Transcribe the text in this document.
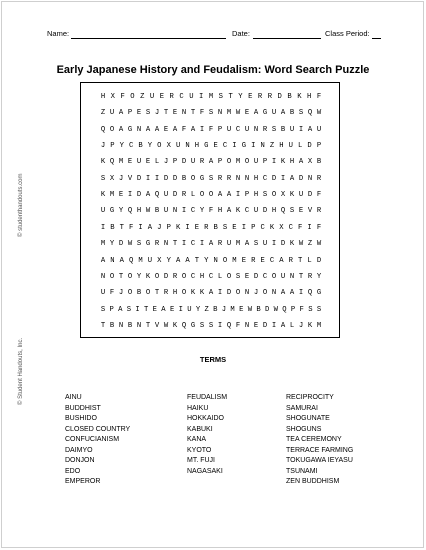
© studenthandouts.com
© Student Handouts, Inc.
Name:	Date:	Class Period:
Early Japanese History and Feudalism: Word Search Puzzle
H X F O Z U E R C U I M S T Y E R R D B K H F
Z U A P E S J T E N T F S N M W E A G U A B S Q W
Q O A G N A A E A F A I F P U C U N R S B U I A U
J P Y C B Y O X U N H G E C I G I N Z H U L D P
K Q M E U E L J P D U R A P O M O U P I K H A X B
S X J V D I I D D B O G S R R N N H C D I A D N R
K M E I D A Q U D R L O O A A I P H S O X K U D F
U G Y Q H W B U N I C Y F H A K C U D H Q S E V R
I B T F I A J P K I E R B S E I P C K X C F I F
M Y D W S G R N T I C I A R U M A S U I D K W Z W
A N A Q M U X Y A A T Y N O M E R E C A R T L D
N O T O Y K O D R O C H C L O S E D C O U N T R Y
U F J O B O T R H O K K A I D O N J O N A A I Q G
S P A S I T E A E I U Y Z B J M E W B D W Q P F S S
T B N B N T V W K Q G S S I Q F N E D I A L J K M
TERMS
AINU
BUDDHIST
BUSHIDO
CLOSED COUNTRY
CONFUCIANISM
DAIMYO
DONJON
EDO
EMPEROR
FEUDALISM
HAIKU
HOKKAIDO
KABUKI
KANA
KYOTO
MT. FUJI
NAGASAKI
RECIPROCITY
SAMURAI
SHOGUNATE
SHOGUNS
TEA CEREMONY
TERRACE FARMING
TOKUGAWA IEYASU
TSUNAMI
ZEN BUDDHISM
